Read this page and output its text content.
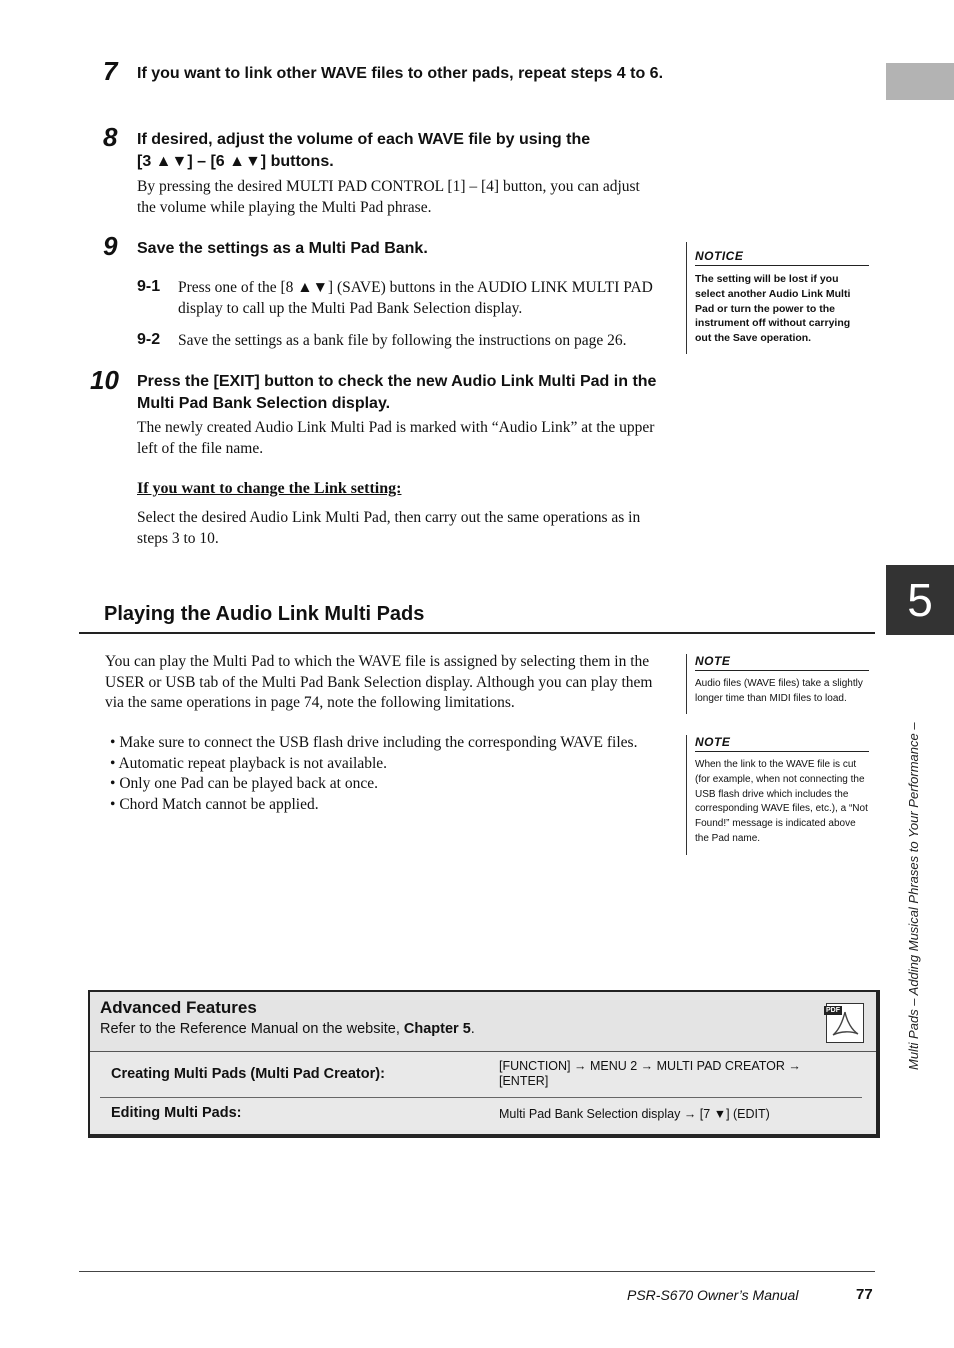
5
Multi Pads – Adding Musical Phrases to Your Performance –
7 If you want to link other WAVE files to other pads, repeat steps 4 to 6.
8 If desired, adjust the volume of each WAVE file by using the
[3 ▲▼] – [6 ▲▼] buttons.
By pressing the desired MULTI PAD CONTROL [1] – [4] button, you can adjust the volume while playing the Multi Pad phrase.
9 Save the settings as a Multi Pad Bank.
9-1 Press one of the [8 ▲▼] (SAVE) buttons in the AUDIO LINK MULTI PAD display to call up the Multi Pad Bank Selection display.
9-2 Save the settings as a bank file by following the instructions on page 26.
10 Press the [EXIT] button to check the new Audio Link Multi Pad in the Multi Pad Bank Selection display.
The newly created Audio Link Multi Pad is marked with “Audio Link” at the upper left of the file name.
If you want to change the Link setting:
Select the desired Audio Link Multi Pad, then carry out the same operations as in steps 3 to 10.
NOTICE
The setting will be lost if you select another Audio Link Multi Pad or turn the power to the instrument off without carrying out the Save operation.
Playing the Audio Link Multi Pads
You can play the Multi Pad to which the WAVE file is assigned by selecting them in the USER or USB tab of the Multi Pad Bank Selection display. Although you can play them via the same operations in page 74, note the following limitations.
• Make sure to connect the USB flash drive including the corresponding WAVE files.
• Automatic repeat playback is not available.
• Only one Pad can be played back at once.
• Chord Match cannot be applied.
NOTE
Audio files (WAVE files) take a slightly longer time than MIDI files to load.
NOTE
When the link to the WAVE file is cut (for example, when not connecting the USB flash drive which includes the corresponding WAVE files, etc.), a “Not Found!” message is indicated above the Pad name.
Advanced Features
Refer to the Reference Manual on the website, Chapter 5.
PDF
Creating Multi Pads (Multi Pad Creator):	[FUNCTION] → MENU 2 → MULTI PAD CREATOR → [ENTER]
Editing Multi Pads:	Multi Pad Bank Selection display → [7 ▼] (EDIT)
PSR-S670 Owner’s Manual	77
